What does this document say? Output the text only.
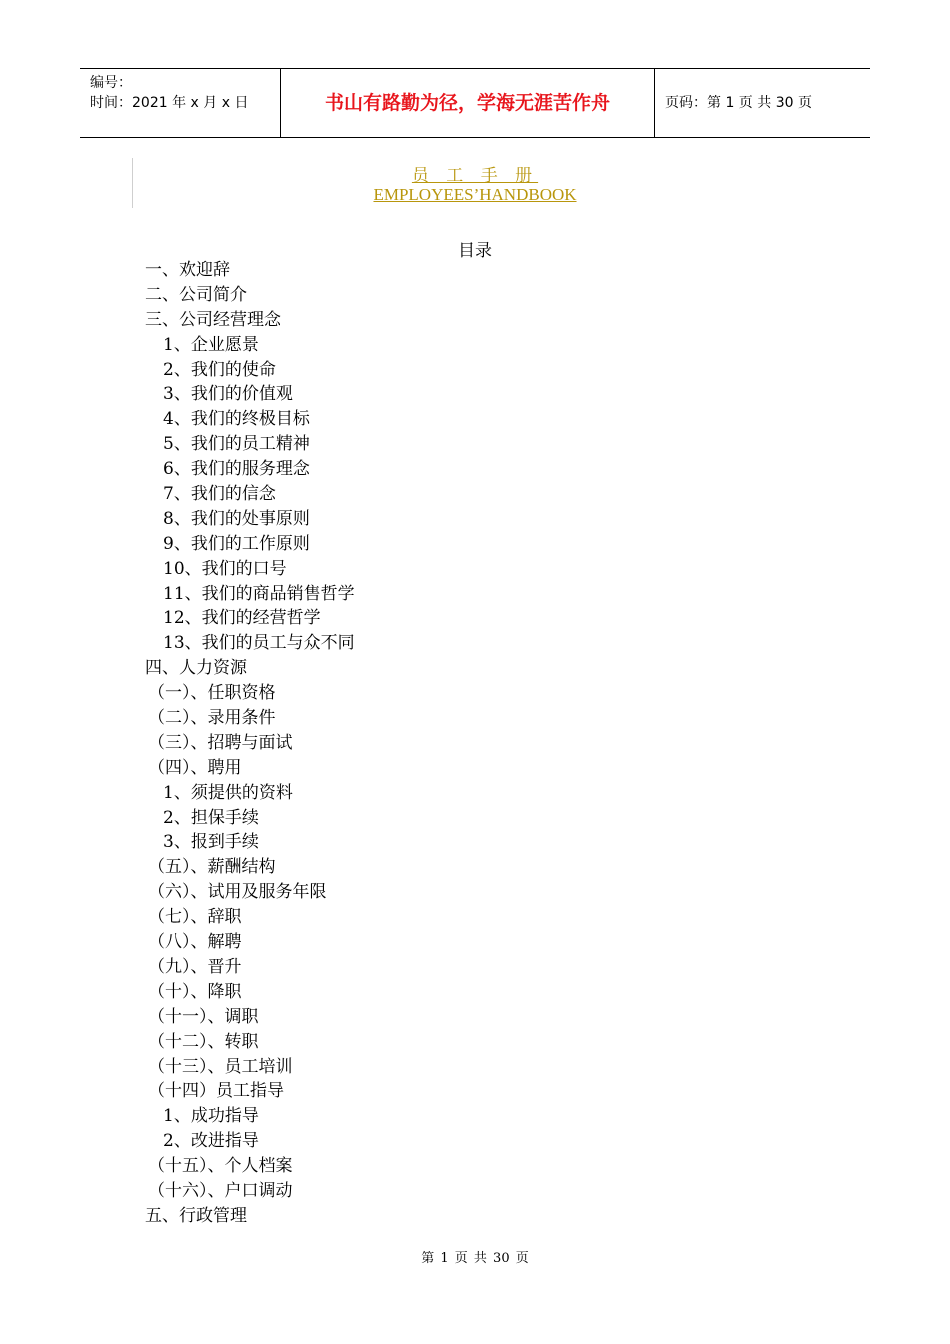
编号：
时间：2021 年 x 月 x 日	书山有路勤为径，学海无涯苦作舟	页码：第 1 页 共 30 页
员 工 手 册
EMPLOYEES’HANDBOOK
目录
一、欢迎辞
二、公司简介
三、公司经营理念
1、企业愿景
2、我们的使命
3、我们的价值观
4、我们的终极目标
5、我们的员工精神
6、我们的服务理念
7、我们的信念
8、我们的处事原则
9、我们的工作原则
10、我们的口号
11、我们的商品销售哲学
12、我们的经营哲学
13、我们的员工与众不同
四、人力资源
（一）、任职资格
（二）、录用条件
（三）、招聘与面试
（四）、聘用
1、须提供的资料
2、担保手续
3、报到手续
（五）、薪酬结构
（六）、试用及服务年限
（七）、辞职
（八）、解聘
（九）、晋升
（十）、降职
（十一）、调职
（十二）、转职
（十三）、员工培训
（十四）员工指导
1、成功指导
2、改进指导
（十五）、个人档案
（十六）、户口调动
五、行政管理
第 1 页 共 30 页
